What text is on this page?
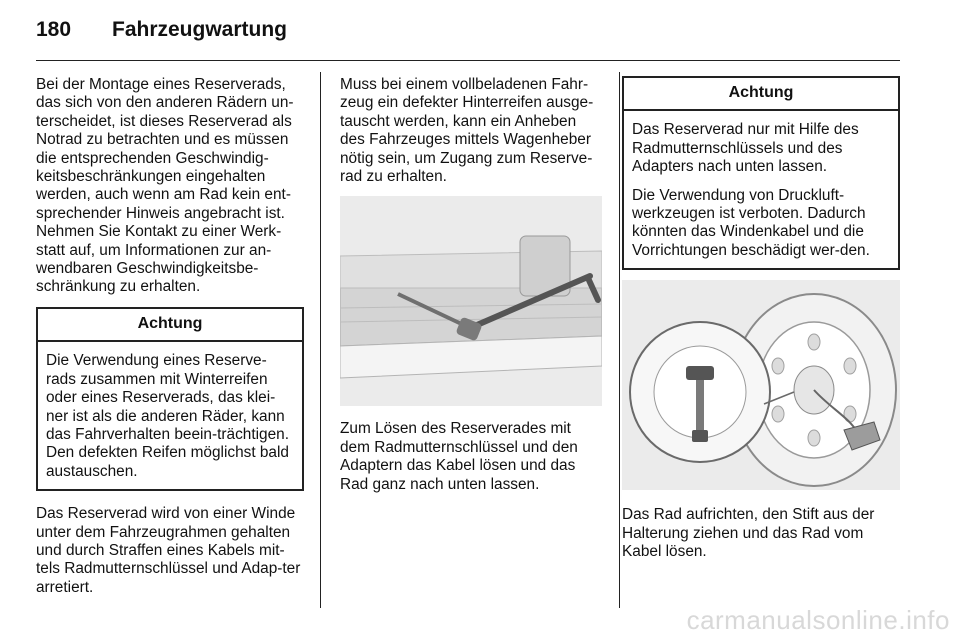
180 Fahrzeugwartung

Bei der Montage eines Reserverads, das sich von den anderen Rädern un-terscheidet, ist dieses Reserverad als Notrad zu betrachten und es müssen die entsprechenden Geschwindig-keitsbeschränkungen eingehalten werden, auch wenn am Rad kein ent-sprechender Hinweis angebracht ist. Nehmen Sie Kontakt zu einer Werk-statt auf, um Informationen zur an-wendbaren Geschwindigkeitsbe-schränkung zu erhalten.

Achtung

Die Verwendung eines Reserve-rads zusammen mit Winterreifen oder eines Reserverads, das klei-ner ist als die anderen Räder, kann das Fahrverhalten beein-trächtigen. Den defekten Reifen möglichst bald austauschen.

Das Reserverad wird von einer Winde unter dem Fahrzeugrahmen gehalten und durch Straffen eines Kabels mit-tels Radmutternschlüssel und Adap-ter arretiert.

Muss bei einem vollbeladenen Fahr-zeug ein defekter Hinterreifen ausge-tauscht werden, kann ein Anheben des Fahrzeuges mittels Wagenheber nötig sein, um Zugang zum Reserve-rad zu erhalten.

Zum Lösen des Reserverades mit dem Radmutternschlüssel und den Adaptern das Kabel lösen und das Rad ganz nach unten lassen.

Achtung

Das Reserverad nur mit Hilfe des Radmutternschlüssels und des Adapters nach unten lassen.

Die Verwendung von Druckluft-werkzeugen ist verboten. Dadurch könnten das Windenkabel und die Vorrichtungen beschädigt wer-den.

Das Rad aufrichten, den Stift aus der Halterung ziehen und das Rad vom Kabel lösen.

carmanualsonline.info
